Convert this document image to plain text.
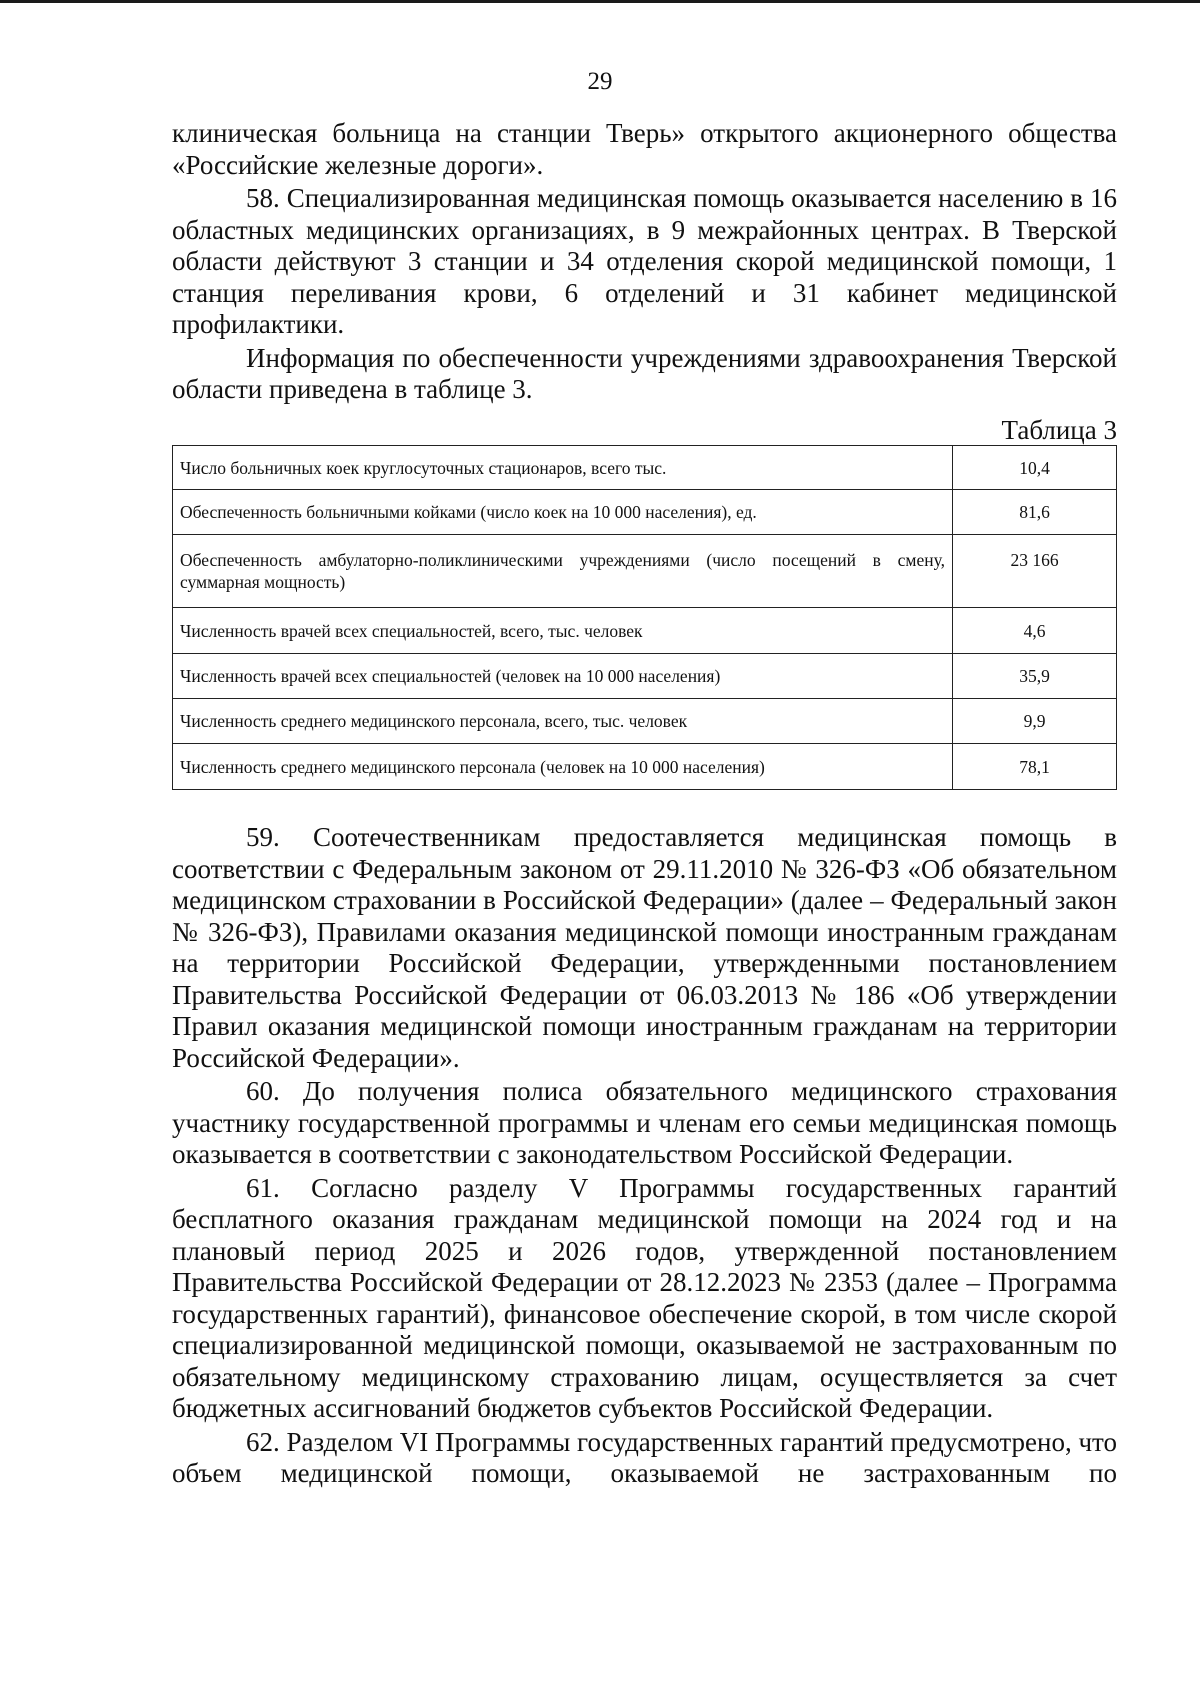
29

клиническая больница на станции Тверь» открытого акционерного общества «Российские железные дороги».

58. Специализированная медицинская помощь оказывается населению в 16 областных медицинских организациях, в 9 межрайонных центрах. В Тверской области действуют 3 станции и 34 отделения скорой медицинской помощи, 1 станция переливания крови, 6 отделений и 31 кабинет медицинской профилактики.

Информация по обеспеченности учреждениями здравоохранения Тверской области приведена в таблице 3.

Таблица 3
Число больничных коек круглосуточных стационаров, всего тыс.	10,4
Обеспеченность больничными койками (число коек на 10 000 населения), ед.	81,6
Обеспеченность амбулаторно-поликлиническими учреждениями (число посещений в смену, суммарная мощность)	23 166
Численность врачей всех специальностей, всего, тыс. человек	4,6
Численность врачей всех специальностей (человек на 10 000 населения)	35,9
Численность среднего медицинского персонала, всего, тыс. человек	9,9
Численность среднего медицинского персонала (человек на 10 000 населения)	78,1

59. Соотечественникам предоставляется медицинская помощь в соответствии с Федеральным законом от 29.11.2010 № 326-ФЗ «Об обязательном медицинском страховании в Российской Федерации» (далее – Федеральный закон № 326-ФЗ), Правилами оказания медицинской помощи иностранным гражданам на территории Российской Федерации, утвержденными постановлением Правительства Российской Федерации от 06.03.2013 № 186 «Об утверждении Правил оказания медицинской помощи иностранным гражданам на территории Российской Федерации».

60. До получения полиса обязательного медицинского страхования участнику государственной программы и членам его семьи медицинская помощь оказывается в соответствии с законодательством Российской Федерации.

61. Согласно разделу V Программы государственных гарантий бесплатного оказания гражданам медицинской помощи на 2024 год и на плановый период 2025 и 2026 годов, утвержденной постановлением Правительства Российской Федерации от 28.12.2023 № 2353 (далее – Программа государственных гарантий), финансовое обеспечение скорой, в том числе скорой специализированной медицинской помощи, оказываемой не застрахованным по обязательному медицинскому страхованию лицам, осуществляется за счет бюджетных ассигнований бюджетов субъектов Российской Федерации.

62. Разделом VI Программы государственных гарантий предусмотрено, что объем медицинской помощи, оказываемой не застрахованным по
